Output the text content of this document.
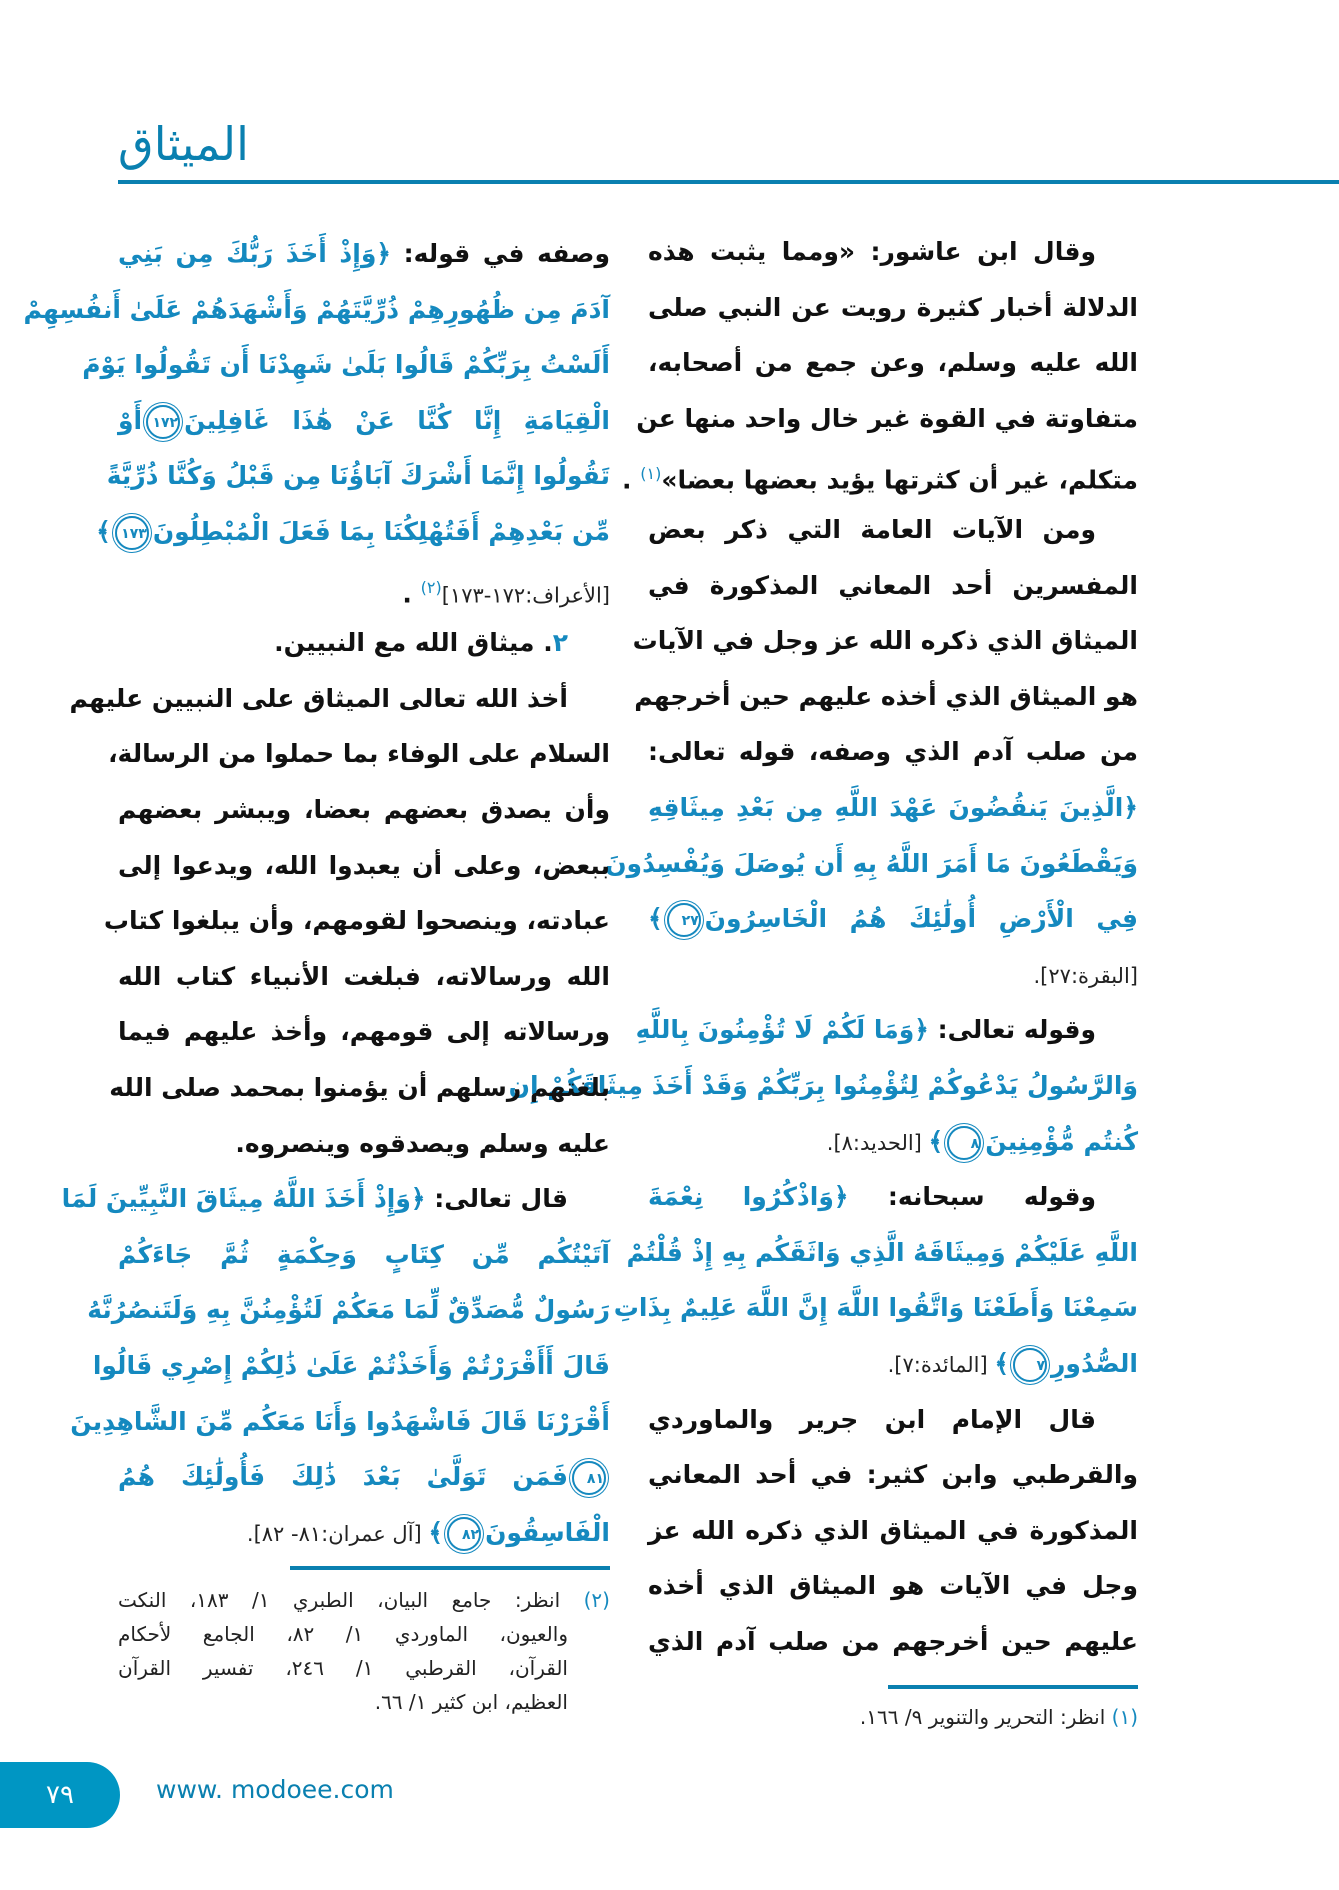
الميثاق
وقال ابن عاشور: «ومما يثبت هذه
الدلالة أخبار كثيرة رويت عن النبي صلى
الله عليه وسلم، وعن جمع من أصحابه،
متفاوتة في القوة غير خال واحد منها عن
متكلم، غير أن كثرتها يؤيد بعضها بعضا»$^{(١)}$ .
ومن الآيات العامة التي ذكر بعض
المفسرين أحد المعاني المذكورة في
الميثاق الذي ذكره الله عز وجل في الآيات
هو الميثاق الذي أخذه عليهم حين أخرجهم
من صلب آدم الذي وصفه، قوله تعالى:
﴿الَّذِينَ يَنقُضُونَ عَهْدَ اللَّهِ مِن بَعْدِ مِيثَاقِهِ
وَيَقْطَعُونَ مَا أَمَرَ اللَّهُ بِهِ أَن يُوصَلَ وَيُفْسِدُونَ
فِي الْأَرْضِ أُولَٰئِكَ هُمُ الْخَاسِرُونَ٢٧﴾
[البقرة:٢٧].
وقوله تعالى: ﴿وَمَا لَكُمْ لَا تُؤْمِنُونَ بِاللَّهِ
وَالرَّسُولُ يَدْعُوكُمْ لِتُؤْمِنُوا بِرَبِّكُمْ وَقَدْ أَخَذَ مِيثَاقَكُمْ إِن
كُنتُم مُّؤْمِنِينَ٨﴾ [الحديد:٨].
وقوله سبحانه: ﴿وَاذْكُرُوا نِعْمَةَ
اللَّهِ عَلَيْكُمْ وَمِيثَاقَهُ الَّذِي وَاثَقَكُم بِهِ إِذْ قُلْتُمْ
سَمِعْنَا وَأَطَعْنَا وَاتَّقُوا اللَّهَ إِنَّ اللَّهَ عَلِيمٌ بِذَاتِ
الصُّدُورِ٧﴾ [المائدة:٧].
قال الإمام ابن جرير والماوردي
والقرطبي وابن كثير: في أحد المعاني
المذكورة في الميثاق الذي ذكره الله عز
وجل في الآيات هو الميثاق الذي أخذه
عليهم حين أخرجهم من صلب آدم الذي
وصفه في قوله: ﴿وَإِذْ أَخَذَ رَبُّكَ مِن بَنِي
آدَمَ مِن ظُهُورِهِمْ ذُرِّيَّتَهُمْ وَأَشْهَدَهُمْ عَلَىٰ أَنفُسِهِمْ
أَلَسْتُ بِرَبِّكُمْ قَالُوا بَلَىٰ شَهِدْنَا أَن تَقُولُوا يَوْمَ
الْقِيَامَةِ إِنَّا كُنَّا عَنْ هَٰذَا غَافِلِينَ١٧٢أَوْ
تَقُولُوا إِنَّمَا أَشْرَكَ آبَاؤُنَا مِن قَبْلُ وَكُنَّا ذُرِّيَّةً
مِّن بَعْدِهِمْ أَفَتُهْلِكُنَا بِمَا فَعَلَ الْمُبْطِلُونَ١٧٣﴾
[الأعراف:١٧٢-١٧٣]$^{(٢)}$ .
٢. ميثاق الله مع النبيين.
أخذ الله تعالى الميثاق على النبيين عليهم
السلام على الوفاء بما حملوا من الرسالة،
وأن يصدق بعضهم بعضا، ويبشر بعضهم
ببعض، وعلى أن يعبدوا الله، ويدعوا إلى
عبادته، وينصحوا لقومهم، وأن يبلغوا كتاب
الله ورسالاته، فبلغت الأنبياء كتاب الله
ورسالاته إلى قومهم، وأخذ عليهم فيما
بلغتهم رسلهم أن يؤمنوا بمحمد صلى الله
عليه وسلم ويصدقوه وينصروه.
قال تعالى: ﴿وَإِذْ أَخَذَ اللَّهُ مِيثَاقَ النَّبِيِّينَ لَمَا
آتَيْتُكُم مِّن كِتَابٍ وَحِكْمَةٍ ثُمَّ جَاءَكُمْ
رَسُولٌ مُّصَدِّقٌ لِّمَا مَعَكُمْ لَتُؤْمِنُنَّ بِهِ وَلَتَنصُرُنَّهُ
قَالَ أَأَقْرَرْتُمْ وَأَخَذْتُمْ عَلَىٰ ذَٰلِكُمْ إِصْرِي قَالُوا
أَقْرَرْنَا قَالَ فَاشْهَدُوا وَأَنَا مَعَكُم مِّنَ الشَّاهِدِينَ
٨١فَمَن تَوَلَّىٰ بَعْدَ ذَٰلِكَ فَأُولَٰئِكَ هُمُ
الْفَاسِقُونَ٨٢﴾ [آل عمران:٨١- ٨٢].
٧٩	www. modoee.com
(١) انظر: التحرير والتنوير ٩/ ١٦٦.
(٢) انظر: جامع البيان، الطبري ١/ ١٨٣، النكت
والعيون، الماوردي ١/ ٨٢، الجامع لأحكام
القرآن، القرطبي ١/ ٢٤٦، تفسير القرآن
العظيم، ابن كثير ١/ ٦٦.
